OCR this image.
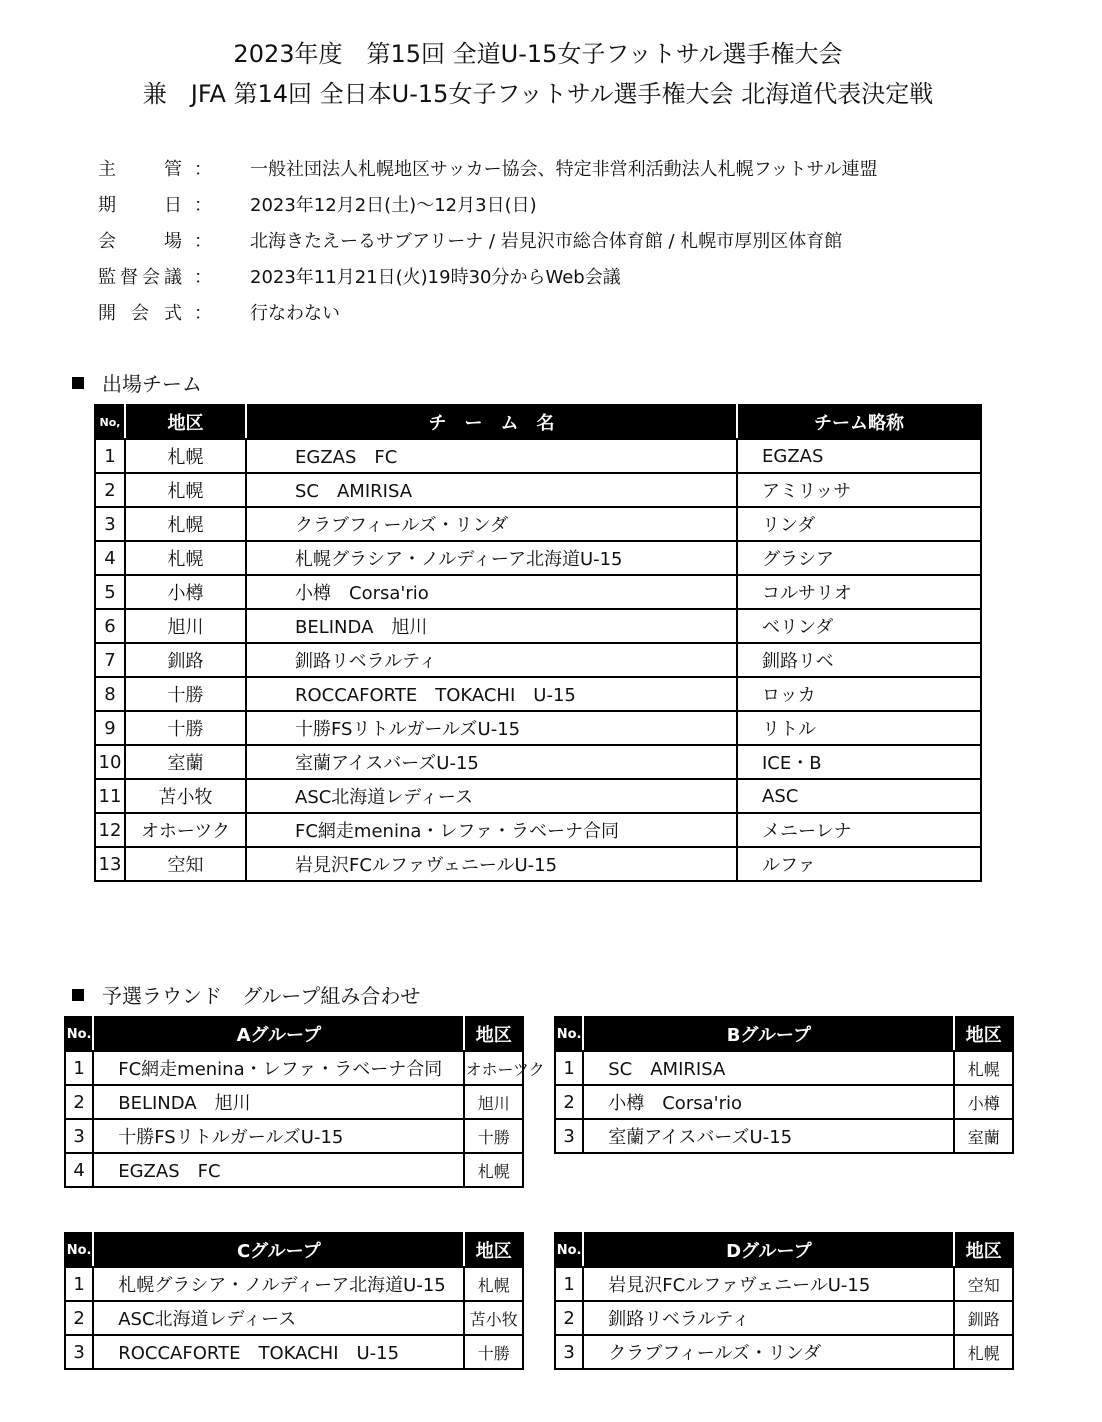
2023年度　第15回 全道U-15女子フットサル選手権大会
兼　JFA 第14回 全日本U-15女子フットサル選手権大会 北海道代表決定戦
主管 ： 一般社団法人札幌地区サッカー協会、特定非営利活動法人札幌フットサル連盟
期日 ： 2023年12月2日(土)～12月3日(日)
会場 ： 北海きたえーるサブアリーナ / 岩見沢市総合体育館 / 札幌市厚別区体育館
監督会議 ： 2023年11月21日(火)19時30分からWeb会議
開会式 ： 行なわない
出場チーム
No,	地区	チ　ー　ム　名	チーム略称
1	札幌	EGZAS　FC	EGZAS
2	札幌	SC　AMIRISA	アミリッサ
3	札幌	クラブフィールズ・リンダ	リンダ
4	札幌	札幌グラシア・ノルディーア北海道U-15	グラシア
5	小樽	小樽　Corsa'rio	コルサリオ
6	旭川	BELINDA　旭川	ベリンダ
7	釧路	釧路リベラルティ	釧路リベ
8	十勝	ROCCAFORTE　TOKACHI　U-15	ロッカ
9	十勝	十勝FSリトルガールズU-15	リトル
10	室蘭	室蘭アイスバーズU-15	ICE・B
11	苫小牧	ASC北海道レディース	ASC
12	オホーツク	FC網走menina・レファ・ラベーナ合同	メニーレナ
13	空知	岩見沢FCルファヴェニールU-15	ルファ
予選ラウンド　グループ組み合わせ
No.	Aグループ	地区
1	FC網走menina・レファ・ラベーナ合同	オホーツク
2	BELINDA　旭川	旭川
3	十勝FSリトルガールズU-15	十勝
4	EGZAS　FC	札幌
No.	Bグループ	地区
1	SC　AMIRISA	札幌
2	小樽　Corsa'rio	小樽
3	室蘭アイスバーズU-15	室蘭
No.	Cグループ	地区
1	札幌グラシア・ノルディーア北海道U-15	札幌
2	ASC北海道レディース	苫小牧
3	ROCCAFORTE　TOKACHI　U-15	十勝
No.	Dグループ	地区
1	岩見沢FCルファヴェニールU-15	空知
2	釧路リベラルティ	釧路
3	クラブフィールズ・リンダ	札幌
